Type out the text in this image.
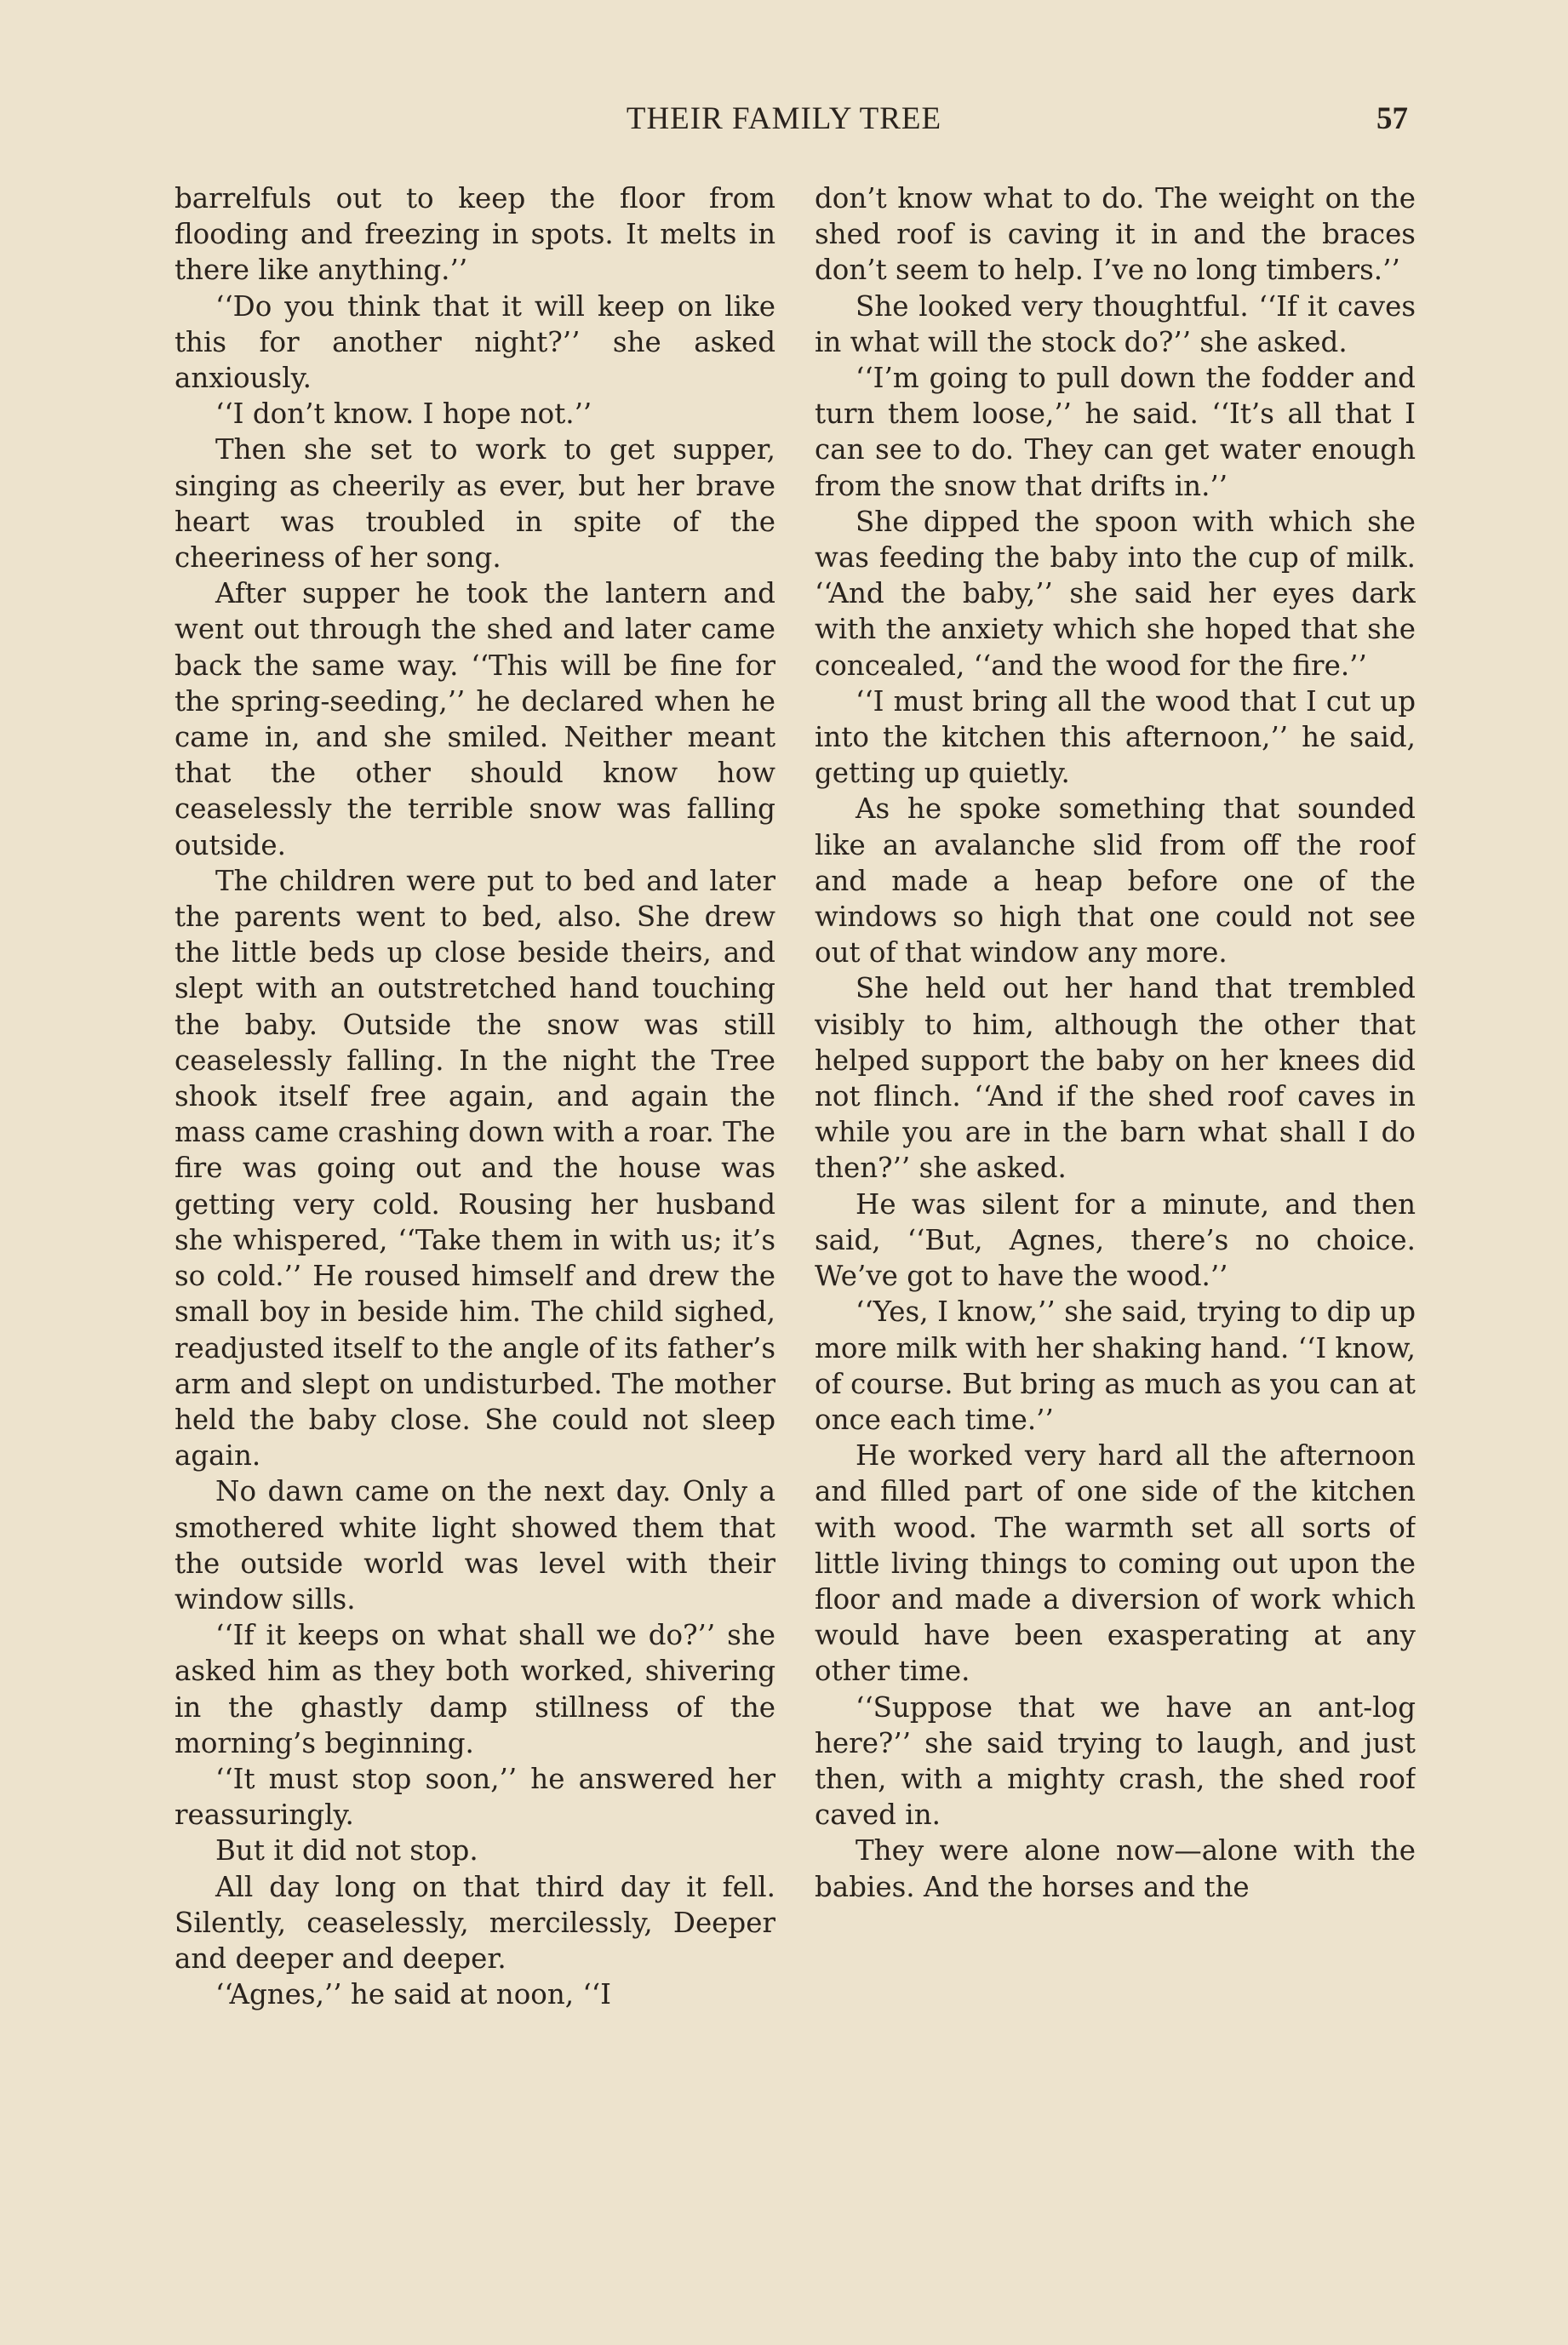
THEIR FAMILY TREE	57

barrelfuls out to keep the floor from flooding and freezing in spots. It melts in there like anything.’’

‘‘Do you think that it will keep on like this for another night?’’ she asked anxiously.

‘‘I don’t know. I hope not.’’

Then she set to work to get supper, singing as cheerily as ever, but her brave heart was troubled in spite of the cheeriness of her song.

After supper he took the lantern and went out through the shed and later came back the same way. ‘‘This will be fine for the spring-seeding,’’ he declared when he came in, and she smiled. Neither meant that the other should know how ceaselessly the terrible snow was falling outside.

The children were put to bed and later the parents went to bed, also. She drew the little beds up close beside theirs, and slept with an outstretched hand touching the baby. Outside the snow was still ceaselessly falling. In the night the Tree shook itself free again, and again the mass came crashing down with a roar. The fire was going out and the house was getting very cold. Rousing her husband she whispered, ‘‘Take them in with us; it’s so cold.’’ He roused himself and drew the small boy in beside him. The child sighed, readjusted itself to the angle of its father’s arm and slept on undisturbed. The mother held the baby close. She could not sleep again.

No dawn came on the next day. Only a smothered white light showed them that the outside world was level with their window sills.

‘‘If it keeps on what shall we do?’’ she asked him as they both worked, shivering in the ghastly damp stillness of the morning’s beginning.

‘‘It must stop soon,’’ he answered her reassuringly.

But it did not stop.

All day long on that third day it fell. Silently, ceaselessly, mercilessly, Deeper and deeper and deeper.

‘‘Agnes,’’ he said at noon, ‘‘I

don’t know what to do. The weight on the shed roof is caving it in and the braces don’t seem to help. I’ve no long timbers.’’

She looked very thoughtful. ‘‘If it caves in what will the stock do?’’ she asked.

‘‘I’m going to pull down the fodder and turn them loose,’’ he said. ‘‘It’s all that I can see to do. They can get water enough from the snow that drifts in.’’

She dipped the spoon with which she was feeding the baby into the cup of milk. ‘‘And the baby,’’ she said her eyes dark with the anxiety which she hoped that she concealed, ‘‘and the wood for the fire.’’

‘‘I must bring all the wood that I cut up into the kitchen this afternoon,’’ he said, getting up quietly.

As he spoke something that sounded like an avalanche slid from off the roof and made a heap before one of the windows so high that one could not see out of that window any more.

She held out her hand that trembled visibly to him, although the other that helped support the baby on her knees did not flinch. ‘‘And if the shed roof caves in while you are in the barn what shall I do then?’’ she asked.

He was silent for a minute, and then said, ‘‘But, Agnes, there’s no choice. We’ve got to have the wood.’’

‘‘Yes, I know,’’ she said, trying to dip up more milk with her shaking hand. ‘‘I know, of course. But bring as much as you can at once each time.’’

He worked very hard all the afternoon and filled part of one side of the kitchen with wood. The warmth set all sorts of little living things to coming out upon the floor and made a diversion of work which would have been exasperating at any other time.

‘‘Suppose that we have an ant-log here?’’ she said trying to laugh, and just then, with a mighty crash, the shed roof caved in.

They were alone now—alone with the babies. And the horses and the
